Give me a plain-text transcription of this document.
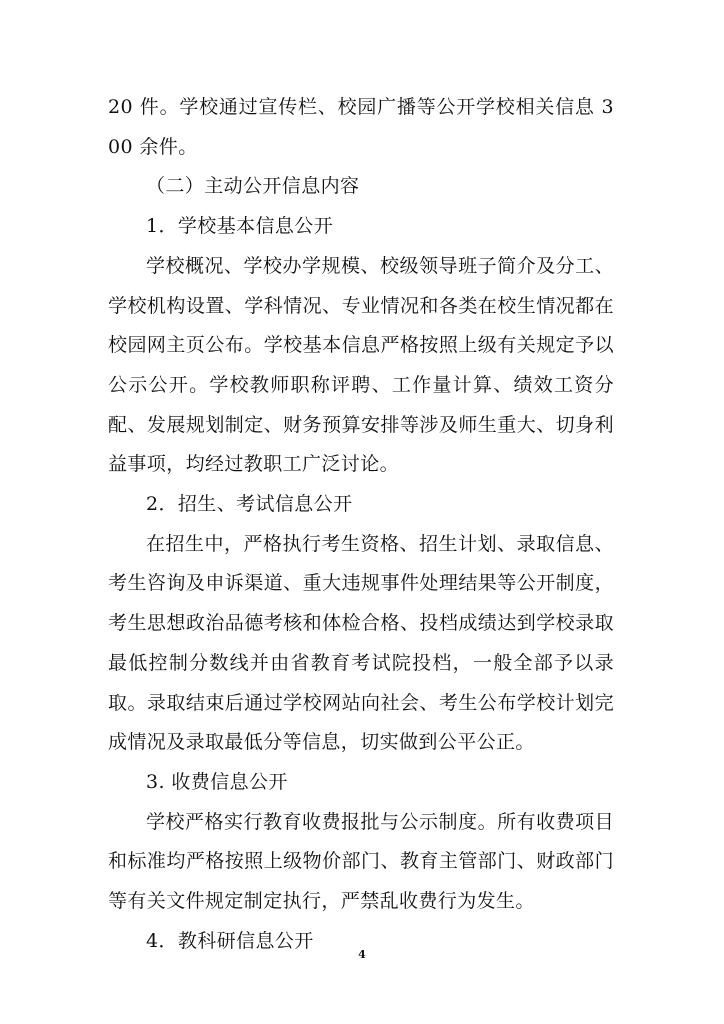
20 件。学校通过宣传栏、校园广播等公开学校相关信息 300 余件。

（二）主动公开信息内容

1．学校基本信息公开

学校概况、学校办学规模、校级领导班子简介及分工、学校机构设置、学科情况、专业情况和各类在校生情况都在校园网主页公布。学校基本信息严格按照上级有关规定予以公示公开。学校教师职称评聘、工作量计算、绩效工资分配、发展规划制定、财务预算安排等涉及师生重大、切身利益事项，均经过教职工广泛讨论。

2．招生、考试信息公开

在招生中，严格执行考生资格、招生计划、录取信息、考生咨询及申诉渠道、重大违规事件处理结果等公开制度，考生思想政治品德考核和体检合格、投档成绩达到学校录取最低控制分数线并由省教育考试院投档，一般全部予以录取。录取结束后通过学校网站向社会、考生公布学校计划完成情况及录取最低分等信息，切实做到公平公正。

3. 收费信息公开

学校严格实行教育收费报批与公示制度。所有收费项目和标准均严格按照上级物价部门、教育主管部门、财政部门等有关文件规定制定执行，严禁乱收费行为发生。

4．教科研信息公开

4
